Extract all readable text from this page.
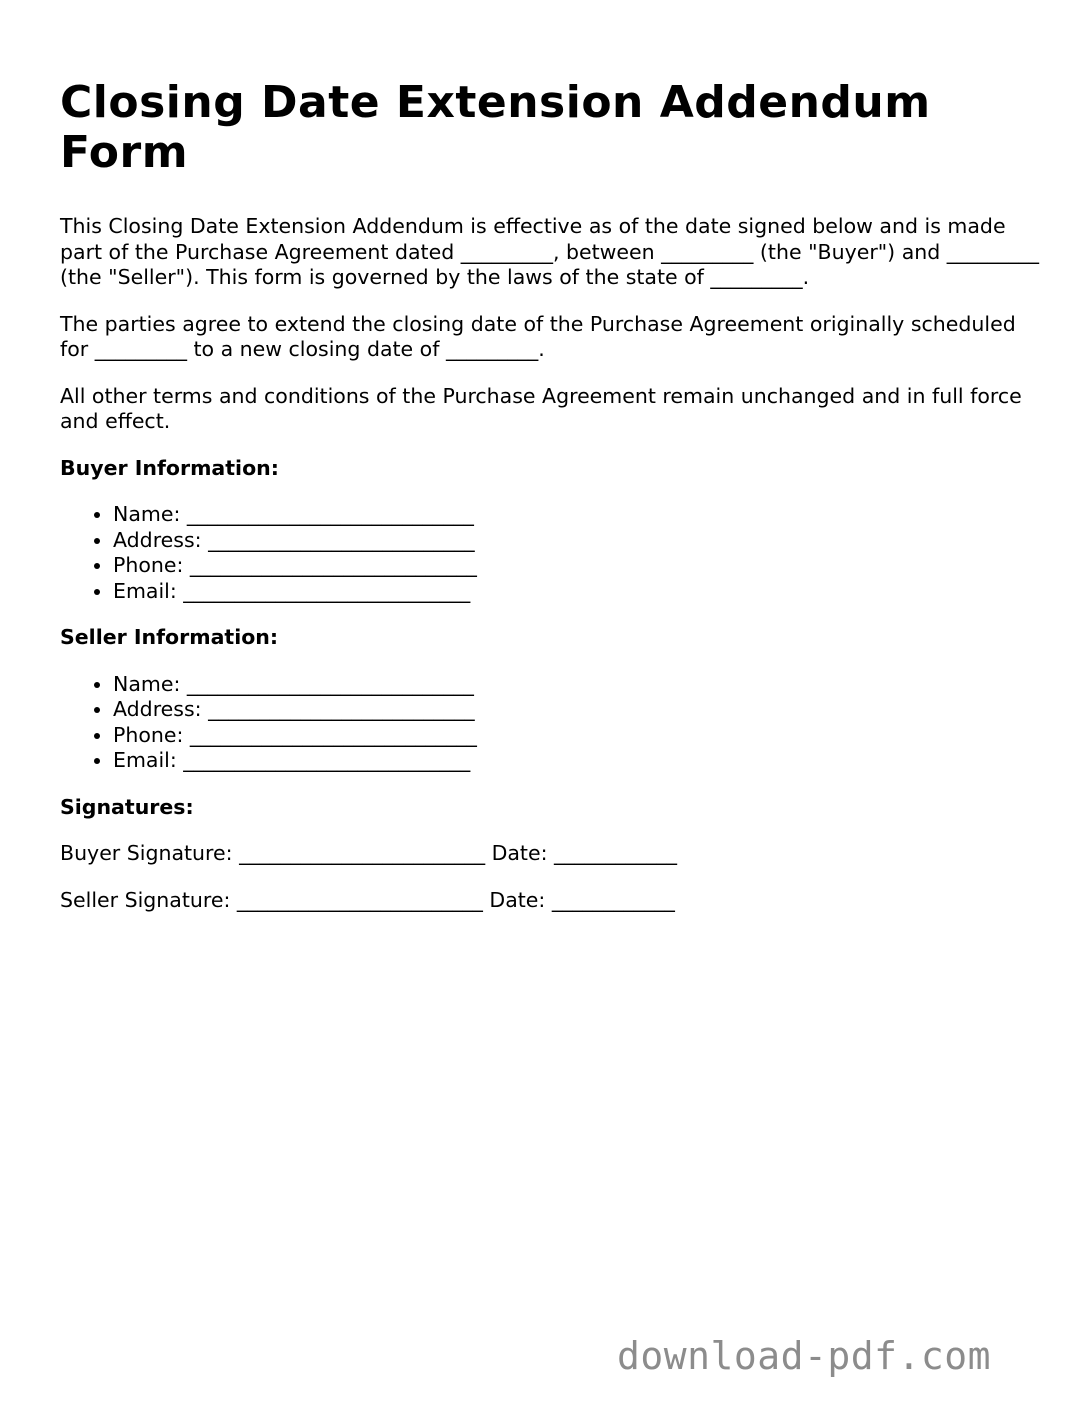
Closing Date Extension Addendum Form

This Closing Date Extension Addendum is effective as of the date signed below and is made part of the Purchase Agreement dated _________, between _________ (the "Buyer") and _________ (the "Seller"). This form is governed by the laws of the state of _________.

The parties agree to extend the closing date of the Purchase Agreement originally scheduled for _________ to a new closing date of _________.

All other terms and conditions of the Purchase Agreement remain unchanged and in full force and effect.

Buyer Information:
• Name: ____________________________
• Address: __________________________
• Phone: ____________________________
• Email: ____________________________
Seller Information:
• Name: ____________________________
• Address: __________________________
• Phone: ____________________________
• Email: ____________________________
Signatures:
Buyer Signature: ________________________ Date: ____________
Seller Signature: ________________________ Date: ____________
download-pdf.com
